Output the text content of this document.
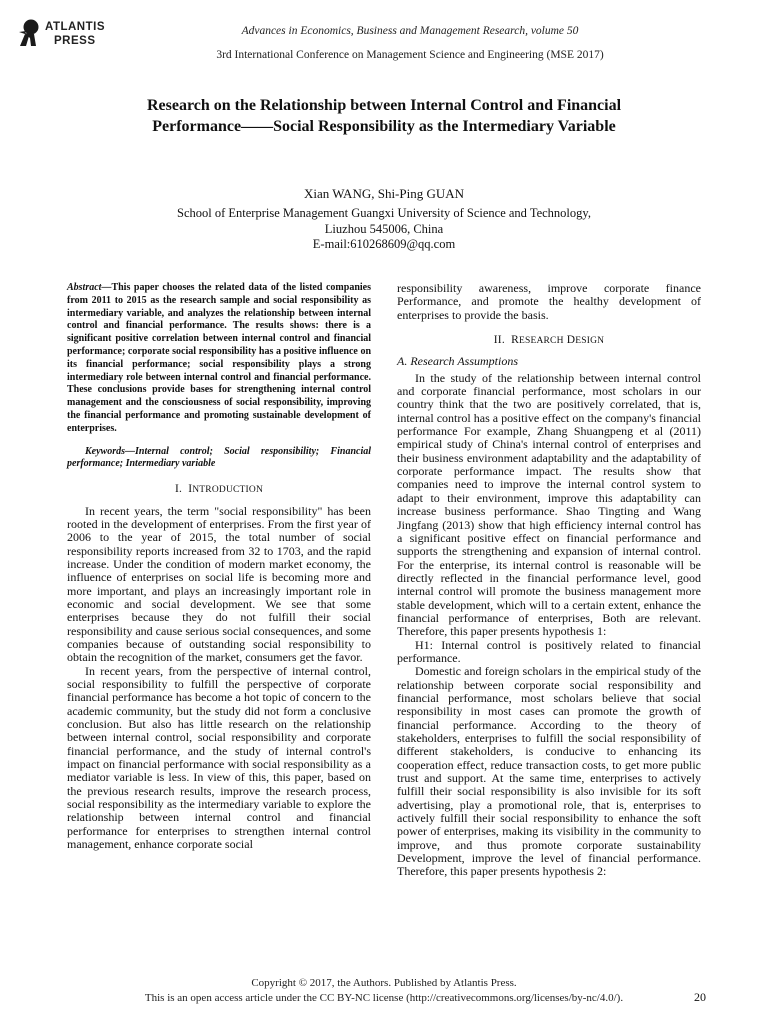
ATLANTIS
PRESS
Advances in Economics, Business and Management Research, volume 50
3rd International Conference on Management Science and Engineering (MSE 2017)
Research on the Relationship between Internal Control and Financial
Performance——Social Responsibility as the Intermediary Variable
Xian WANG, Shi-Ping GUAN
School of Enterprise Management Guangxi University of Science and Technology,
Liuzhou 545006, China
E-mail:610268609@qq.com

Abstract—This paper chooses the related data of the listed companies from 2011 to 2015 as the research sample and social responsibility as intermediary variable, and analyzes the relationship between internal control and financial performance. The results shows: there is a significant positive correlation between internal control and financial performance; corporate social responsibility has a positive influence on its financial performance; social responsibility plays a strong intermediary role between internal control and financial performance. These conclusions provide bases for strengthening internal control management and the consciousness of social responsibility, improving the financial performance and promoting sustainable development of enterprises.

Keywords—Internal control; Social responsibility; Financial performance; Intermediary variable

I. INTRODUCTION

In recent years, the term "social responsibility" has been rooted in the development of enterprises. From the first year of 2006 to the year of 2015, the total number of social responsibility reports increased from 32 to 1703, and the rapid increase. Under the condition of modern market economy, the influence of enterprises on social life is becoming more and more important, and plays an increasingly important role in economic and social development. We see that some enterprises because they do not fulfill their social responsibility and cause serious social consequences, and some companies because of outstanding social responsibility to obtain the recognition of the market, consumers get the favor.

In recent years, from the perspective of internal control, social responsibility to fulfill the perspective of corporate financial performance has become a hot topic of concern to the academic community, but the study did not form a conclusive conclusion. But also has little research on the relationship between internal control, social responsibility and corporate financial performance, and the study of internal control's impact on financial performance with social responsibility as a mediator variable is less. In view of this, this paper, based on the previous research results, improve the research process, social responsibility as the intermediary variable to explore the relationship between internal control and financial performance for enterprises to strengthen internal control management, enhance corporate social

responsibility awareness, improve corporate finance Performance, and promote the healthy development of enterprises to provide the basis.

II. RESEARCH DESIGN
A. Research Assumptions

In the study of the relationship between internal control and corporate financial performance, most scholars in our country think that the two are positively correlated, that is, internal control has a positive effect on the company's financial performance For example, Zhang Shuangpeng et al (2011) empirical study of China's internal control of enterprises and their business environment adaptability and the adaptability of corporate performance impact. The results show that companies need to improve the internal control system to adapt to their environment, improve this adaptability can increase business performance. Shao Tingting and Wang Jingfang (2013) show that high efficiency internal control has a significant positive effect on financial performance and supports the strengthening and expansion of internal control. For the enterprise, its internal control is reasonable will be directly reflected in the financial performance level, good internal control will promote the business management more stable development, which will to a certain extent, enhance the financial performance of enterprises, Both are relevant. Therefore, this paper presents hypothesis 1:

H1: Internal control is positively related to financial performance.

Domestic and foreign scholars in the empirical study of the relationship between corporate social responsibility and financial performance, most scholars believe that social responsibility in most cases can promote the growth of financial performance. According to the theory of stakeholders, enterprises to fulfill the social responsibility of different stakeholders, is conducive to enhancing its cooperation effect, reduce transaction costs, to get more public trust and support. At the same time, enterprises to actively fulfill their social responsibility is also invisible for its soft advertising, play a promotional role, that is, enterprises to actively fulfill their social responsibility to enhance the soft power of enterprises, making its visibility in the community to improve, and thus promote corporate sustainability Development, improve the level of financial performance. Therefore, this paper presents hypothesis 2:

Copyright © 2017, the Authors. Published by Atlantis Press.
This is an open access article under the CC BY-NC license (http://creativecommons.org/licenses/by-nc/4.0/).	20
